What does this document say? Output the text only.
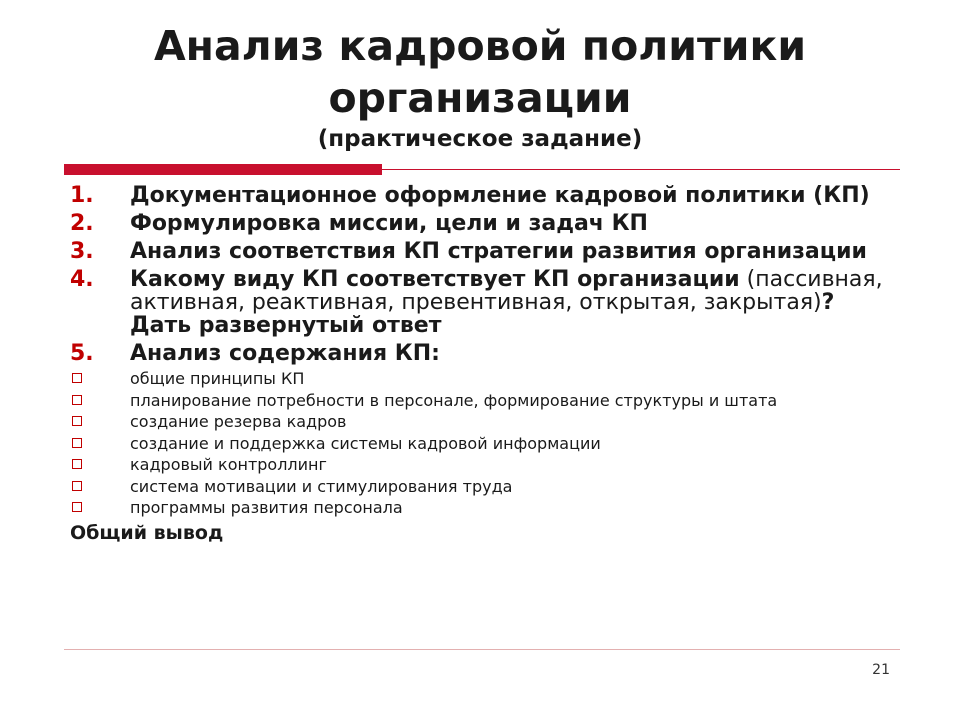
Анализ кадровой политики
организации
(практическое задание)
1.	Документационное оформление кадровой политики (КП)
2.	Формулировка миссии, цели и задач КП
3.	Анализ соответствия КП стратегии развития организации
4.	Какому виду КП соответствует КП организации (пассивная, активная, реактивная, превентивная, открытая, закрытая)? Дать развернутый ответ
5.	Анализ содержания КП:
общие принципы КП
планирование потребности в персонале, формирование структуры и штата
создание резерва кадров
создание и поддержка системы кадровой информации
кадровый контроллинг
система мотивации и стимулирования труда
программы развития персонала
Общий вывод
21
